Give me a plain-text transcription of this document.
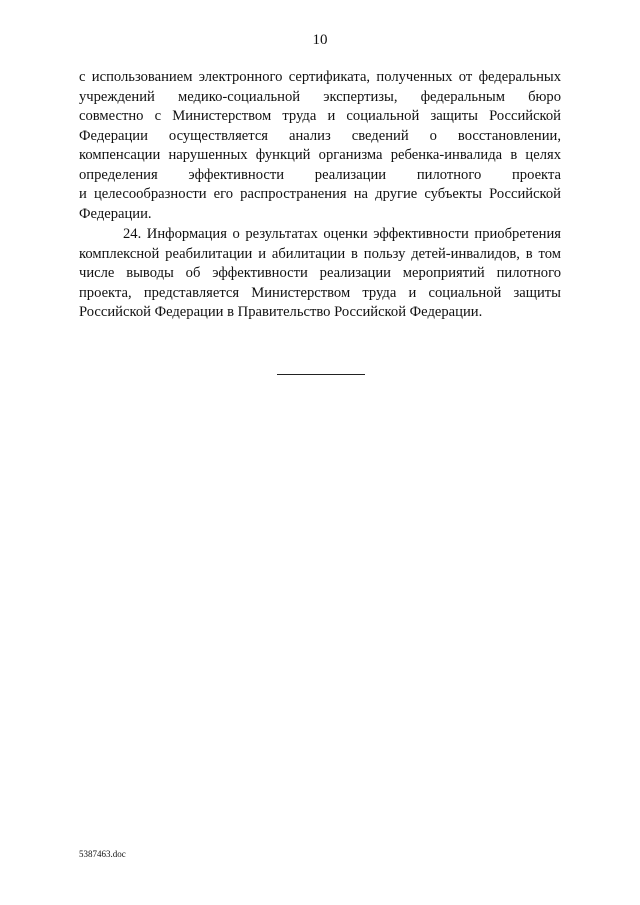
10
с использованием электронного сертификата, полученных от федеральных
учреждений медико-социальной экспертизы, федеральным бюро
совместно с Министерством труда и социальной защиты Российской
Федерации осуществляется анализ сведений о восстановлении,
компенсации нарушенных функций организма ребенка-инвалида в целях
определения эффективности реализации пилотного проекта
и целесообразности его распространения на другие субъекты Российской
Федерации.
24. Информация о результатах оценки эффективности приобретения
комплексной реабилитации и абилитации в пользу детей-инвалидов, в том
числе выводы об эффективности реализации мероприятий пилотного
проекта, представляется Министерством труда и социальной защиты
Российской Федерации в Правительство Российской Федерации.
5387463.doc
